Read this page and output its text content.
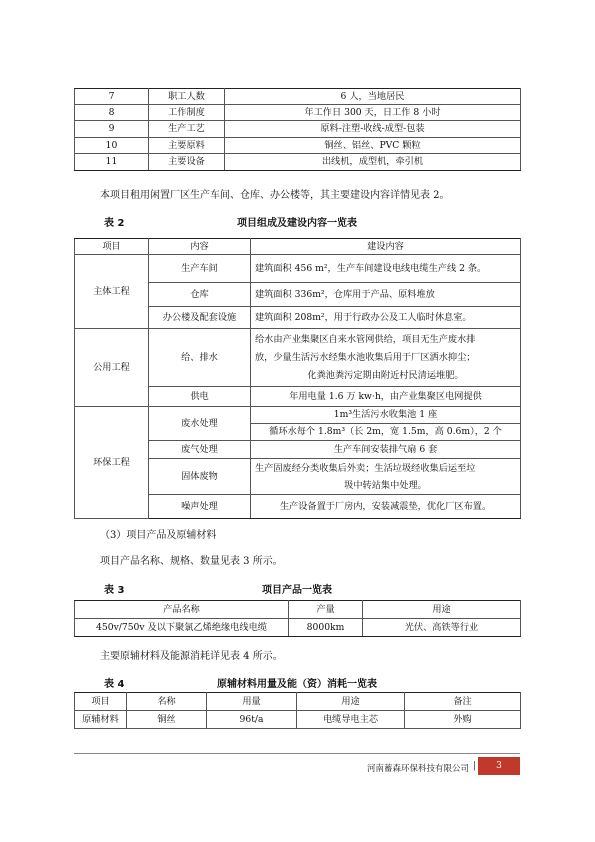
7	职工人数	6 人，当地居民
8	工作制度	年工作日 300 天，日工作 8 小时
9	生产工艺	原料-注塑-收线-成型-包装
10	主要原料	铜丝、铝丝、PVC 颗粒
11	主要设备	出线机，成型机，牵引机
本项目租用闲置厂区生产车间、仓库、办公楼等，其主要建设内容详情见表 2。
表 2	项目组成及建设内容一览表
项目	内容	建设内容
主体工程	生产车间	建筑面积 456 m²，生产车间建设电线电缆生产线 2 条。
	仓库	建筑面积 336m²，仓库用于产品、原料堆放
	办公楼及配套设施	建筑面积 208m²，用于行政办公及工人临时休息室。
公用工程	给、排水	给水由产业集聚区自来水管网供给，项目无生产废水排
放，少量生活污水经集水池收集后用于厂区洒水抑尘；
化粪池粪污定期由附近村民清运堆肥。

	供电	年用电量 1.6 万 kw·h，由产业集聚区电网提供
环保工程	废水处理	1m³生活污水收集池 1 座
		循环水每个 1.8m³（长 2m，宽 1.5m，高 0.6m），2 个
	废气处理	生产车间安装排气扇 6 套
	固体废物	生产固废经分类收集后外卖；生活垃圾经收集后运至垃
圾中转站集中处理。

	噪声处理	生产设备置于厂房内，安装减震垫，优化厂区布置。
（3）项目产品及原辅材料
项目产品名称、规格、数量见表 3 所示。
表 3	项目产品一览表
产品名称	产量	用途
450v/750v 及以下聚氯乙烯绝缘电线电缆	8000km	光伏、高铁等行业
主要原辅材料及能源消耗详见表 4 所示。
表 4	原辅材料用量及能（资）消耗一览表
项目	名称	用量	用途	备注
原辅材料	铜丝	96t/a	电缆导电主芯	外购
河南蓄森环保科技有限公司 |	3
